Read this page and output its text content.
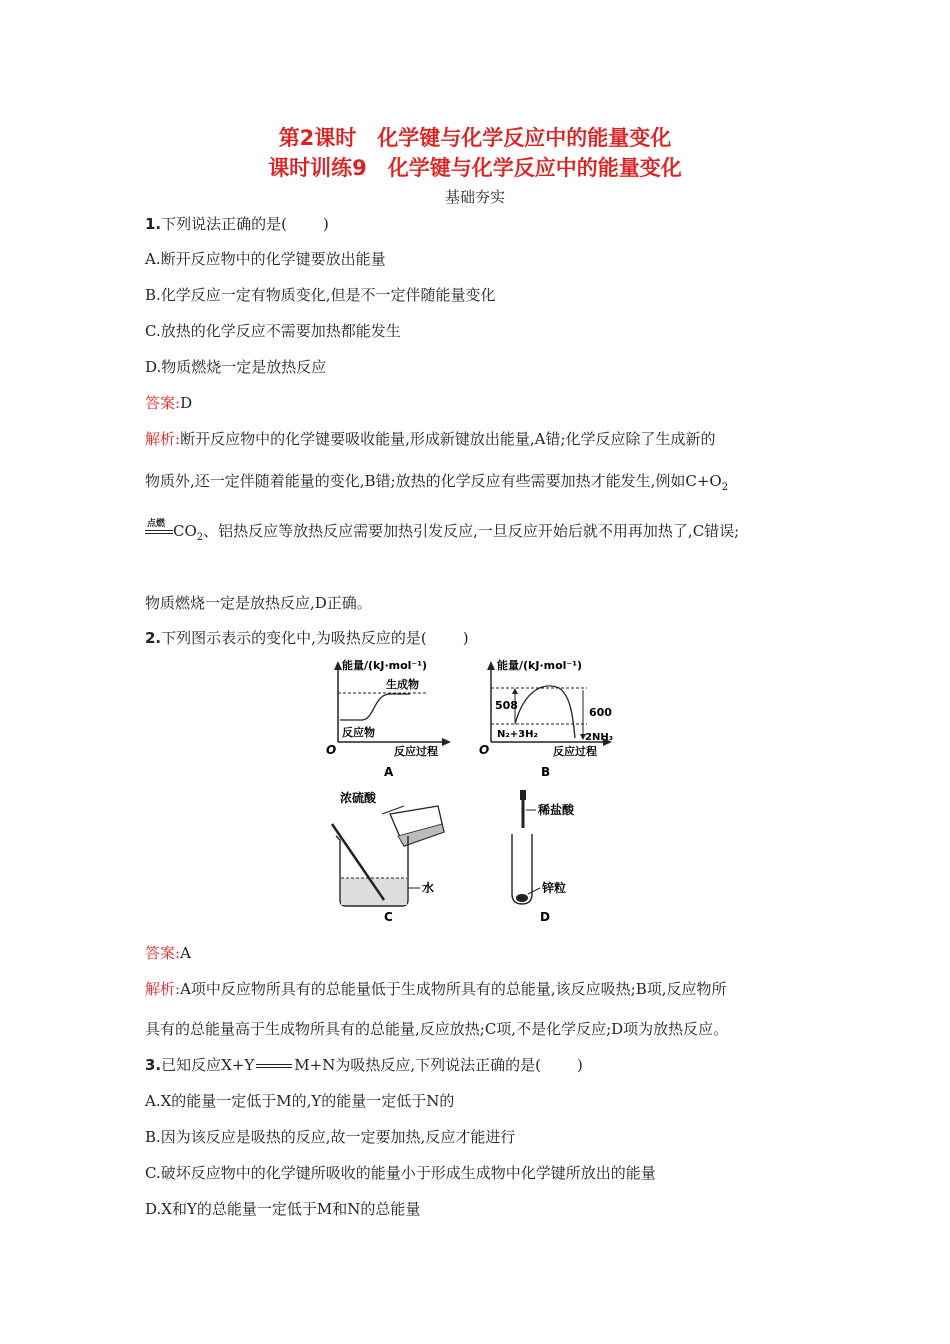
第2课时　化学键与化学反应中的能量变化
课时训练9　化学键与化学反应中的能量变化
基础夯实
1.下列说法正确的是( )
A.断开反应物中的化学键要放出能量
B.化学反应一定有物质变化,但是不一定伴随能量变化
C.放热的化学反应不需要加热都能发生
D.物质燃烧一定是放热反应
答案:D
解析:断开反应物中的化学键要吸收能量,形成新键放出能量,A错;化学反应除了生成新的
物质外,还一定伴随着能量的变化,B错;放热的化学反应有些需要加热才能发生,例如$C+O_2$
点燃 $CO_2$、铝热反应等放热反应需要加热引发反应,一旦反应开始后就不用再加热了,C错误;
物质燃烧一定是放热反应,D正确。
2.下列图示表示的变化中,为吸热反应的是( )
能量/(kJ·mol⁻¹)
生成物
反应物
O	反应过程
A
能量/(kJ·mol⁻¹)
508
600
N₂+3H₂	2NH₃
O	反应过程
B
浓硫酸
水
C
稀盐酸
锌粒
D
答案:A
解析:A项中反应物所具有的总能量低于生成物所具有的总能量,该反应吸热;B项,反应物所
具有的总能量高于生成物所具有的总能量,反应放热;C项,不是化学反应;D项为放热反应。
3.已知反应X+Y	M+N为吸热反应,下列说法正确的是( )
A.X的能量一定低于M的,Y的能量一定低于N的
B.因为该反应是吸热的反应,故一定要加热,反应才能进行
C.破坏反应物中的化学键所吸收的能量小于形成生成物中化学键所放出的能量
D.X和Y的总能量一定低于M和N的总能量
